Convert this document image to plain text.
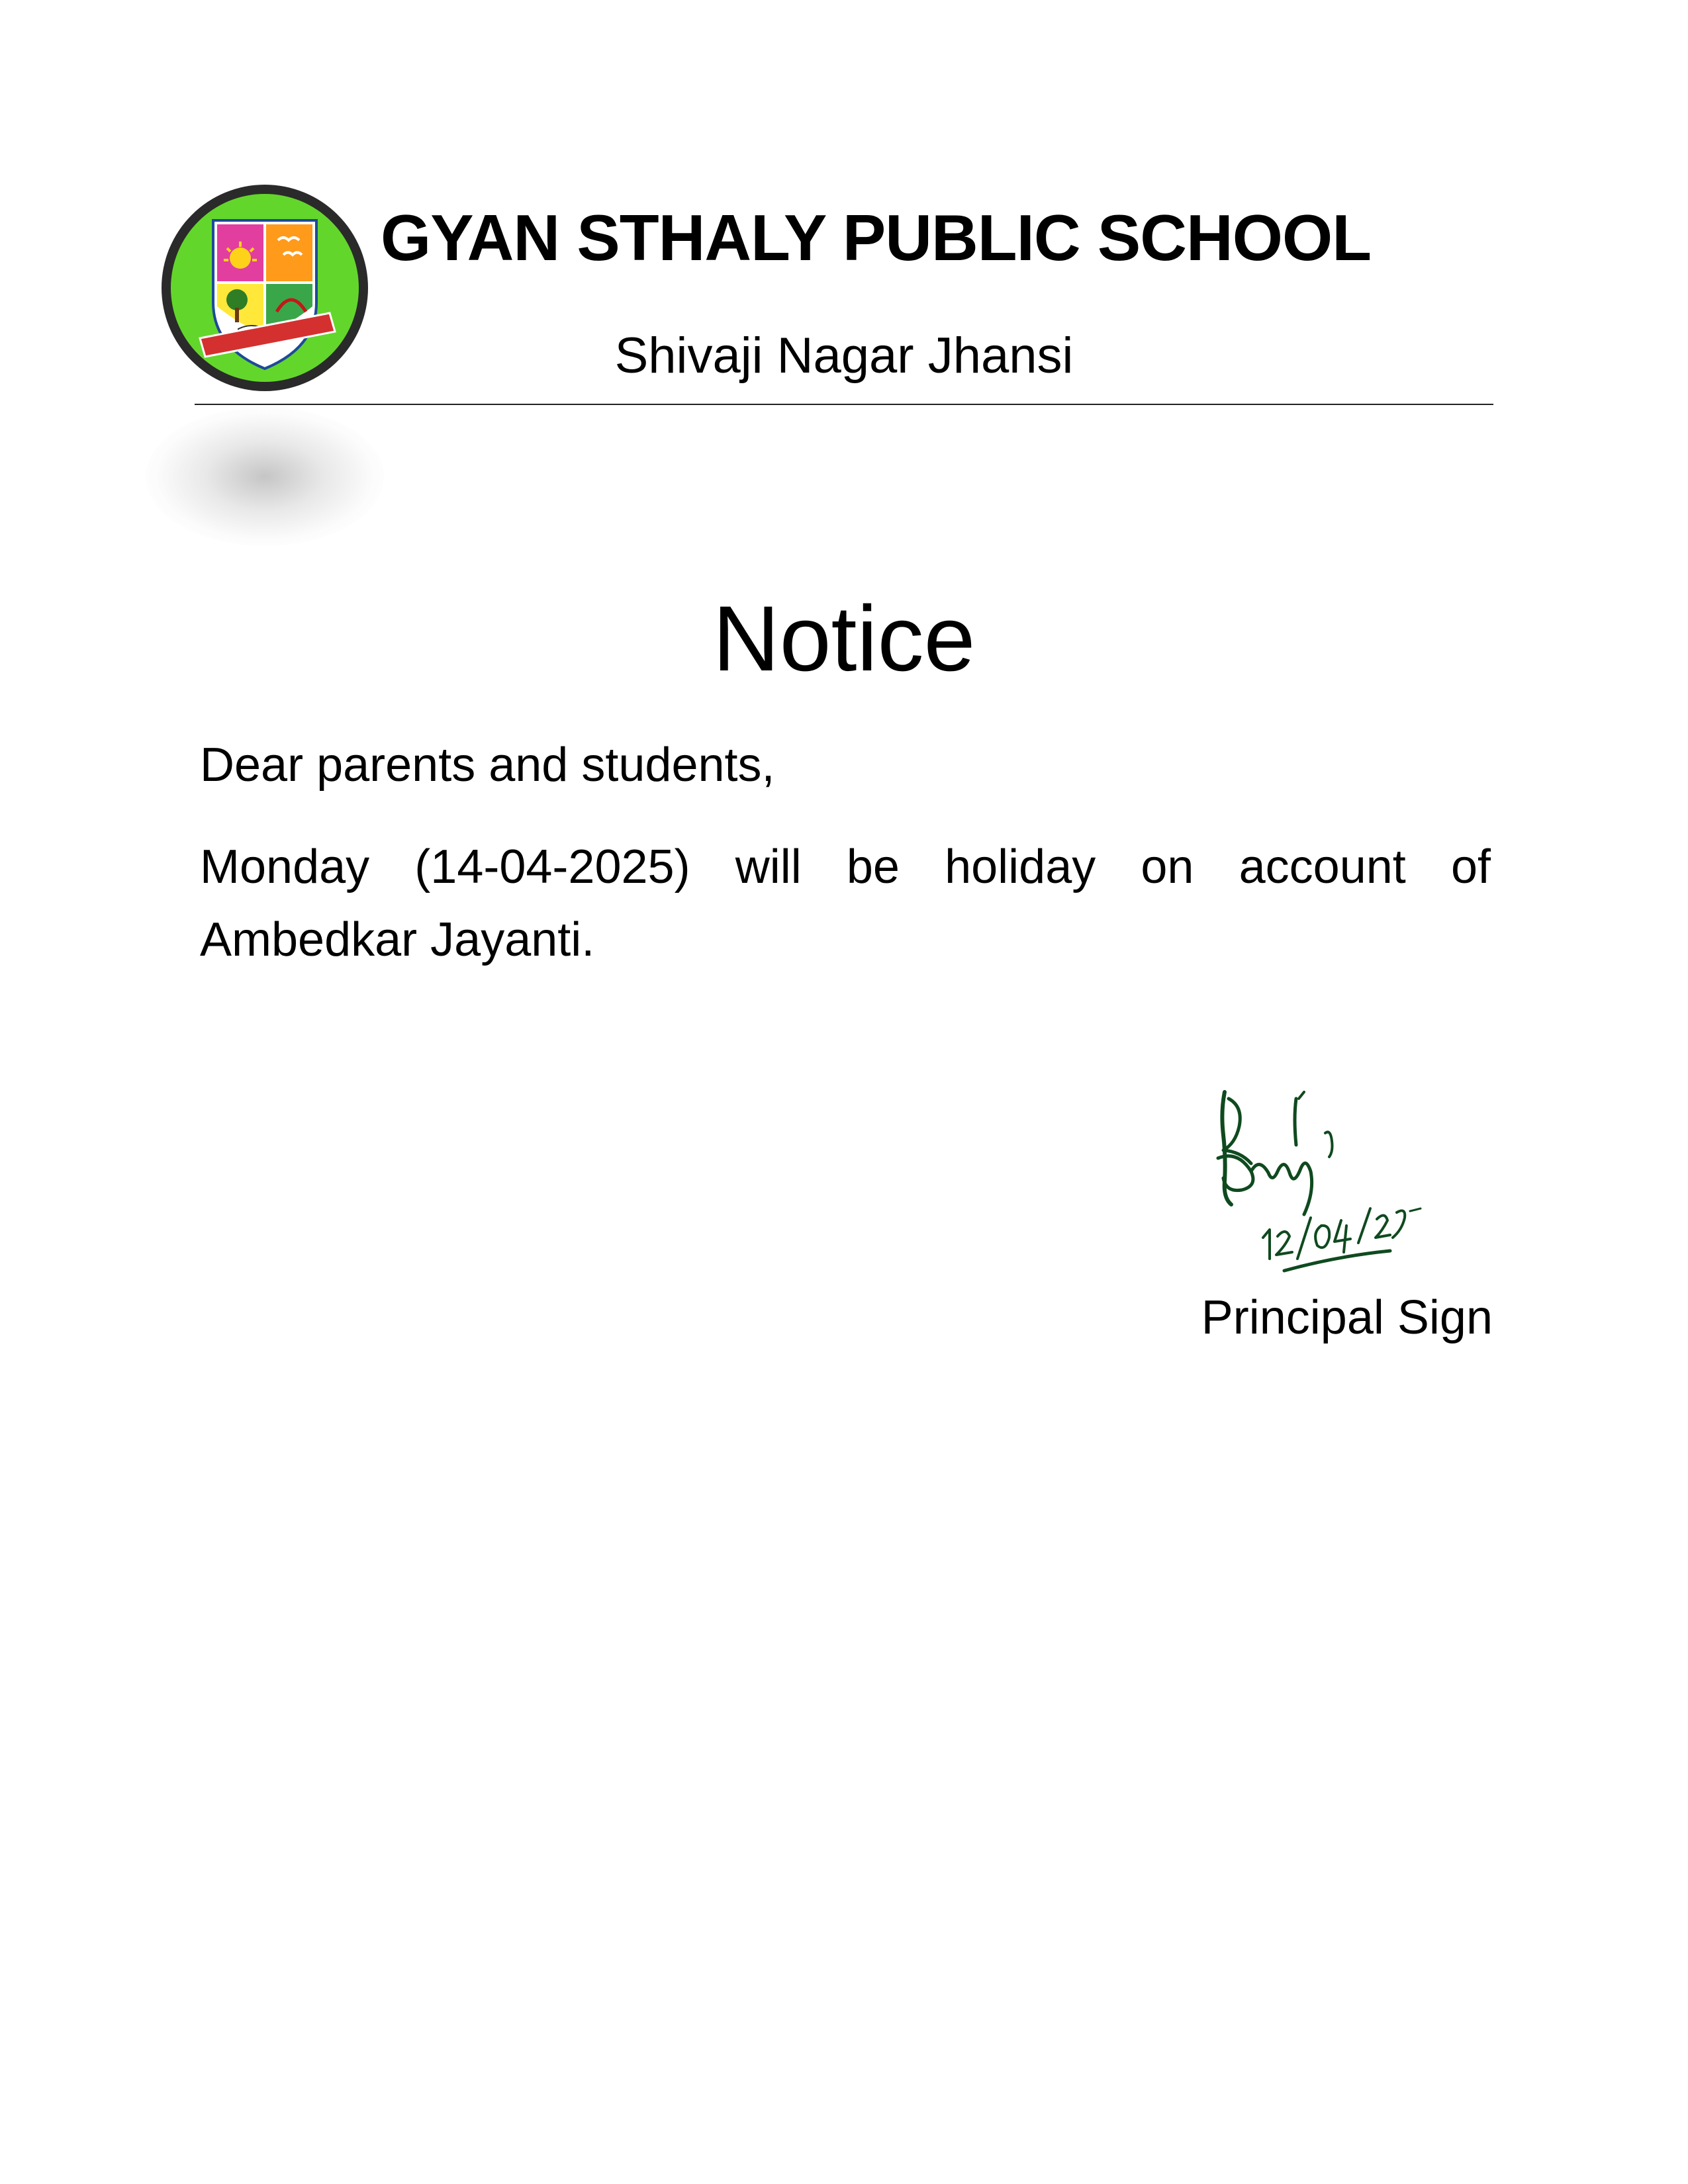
GYAN STHALY PUBLIC SCHOOL
Shivaji Nagar Jhansi
Notice
Dear parents and students,
Monday (14-04-2025) will be holiday on account of Ambedkar Jayanti.
Principal Sign
